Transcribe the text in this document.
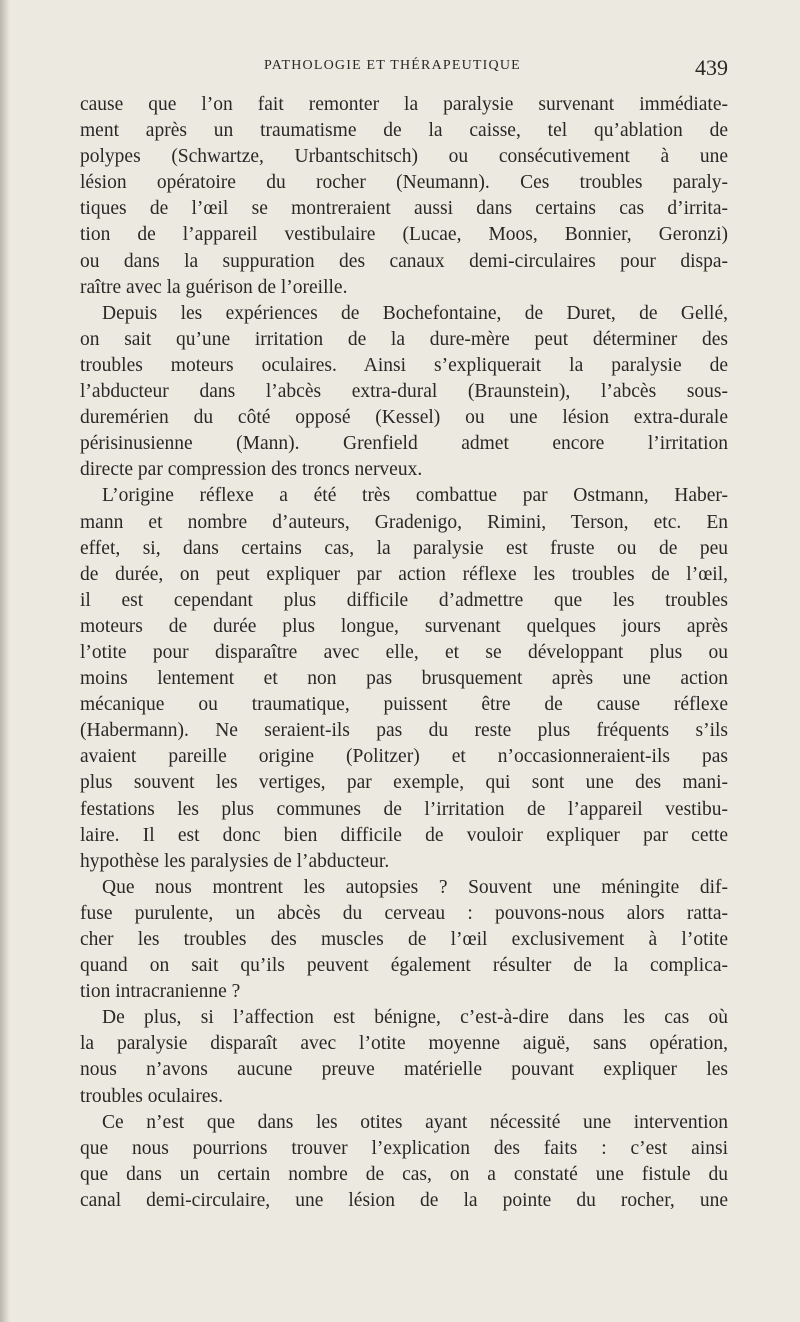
PATHOLOGIE ET THÉRAPEUTIQUE	439
cause que l’on fait remonter la paralysie survenant immédiate-
ment après un traumatisme de la caisse, tel qu’ablation de
polypes (Schwartze, Urbantschitsch) ou consécutivement à une
lésion opératoire du rocher (Neumann). Ces troubles paraly-
tiques de l’œil se montreraient aussi dans certains cas d’irrita-
tion de l’appareil vestibulaire (Lucae, Moos, Bonnier, Geronzi)
ou dans la suppuration des canaux demi-circulaires pour dispa-
raître avec la guérison de l’oreille.
Depuis les expériences de Bochefontaine, de Duret, de Gellé,
on sait qu’une irritation de la dure-mère peut déterminer des
troubles moteurs oculaires. Ainsi s’expliquerait la paralysie de
l’abducteur dans l’abcès extra-dural (Braunstein), l’abcès sous-
duremérien du côté opposé (Kessel) ou une lésion extra-durale
périsinusienne (Mann). Grenfield admet encore l’irritation
directe par compression des troncs nerveux.
L’origine réflexe a été très combattue par Ostmann, Haber-
mann et nombre d’auteurs, Gradenigo, Rimini, Terson, etc. En
effet, si, dans certains cas, la paralysie est fruste ou de peu
de durée, on peut expliquer par action réflexe les troubles de l’œil,
il est cependant plus difficile d’admettre que les troubles
moteurs de durée plus longue, survenant quelques jours après
l’otite pour disparaître avec elle, et se développant plus ou
moins lentement et non pas brusquement après une action
mécanique ou traumatique, puissent être de cause réflexe
(Habermann). Ne seraient-ils pas du reste plus fréquents s’ils
avaient pareille origine (Politzer) et n’occasionneraient-ils pas
plus souvent les vertiges, par exemple, qui sont une des mani-
festations les plus communes de l’irritation de l’appareil vestibu-
laire. Il est donc bien difficile de vouloir expliquer par cette
hypothèse les paralysies de l’abducteur.
Que nous montrent les autopsies ? Souvent une méningite dif-
fuse purulente, un abcès du cerveau : pouvons-nous alors ratta-
cher les troubles des muscles de l’œil exclusivement à l’otite
quand on sait qu’ils peuvent également résulter de la complica-
tion intracranienne ?
De plus, si l’affection est bénigne, c’est-à-dire dans les cas où
la paralysie disparaît avec l’otite moyenne aiguë, sans opération,
nous n’avons aucune preuve matérielle pouvant expliquer les
troubles oculaires.
Ce n’est que dans les otites ayant nécessité une intervention
que nous pourrions trouver l’explication des faits : c’est ainsi
que dans un certain nombre de cas, on a constaté une fistule du
canal demi-circulaire, une lésion de la pointe du rocher, une
